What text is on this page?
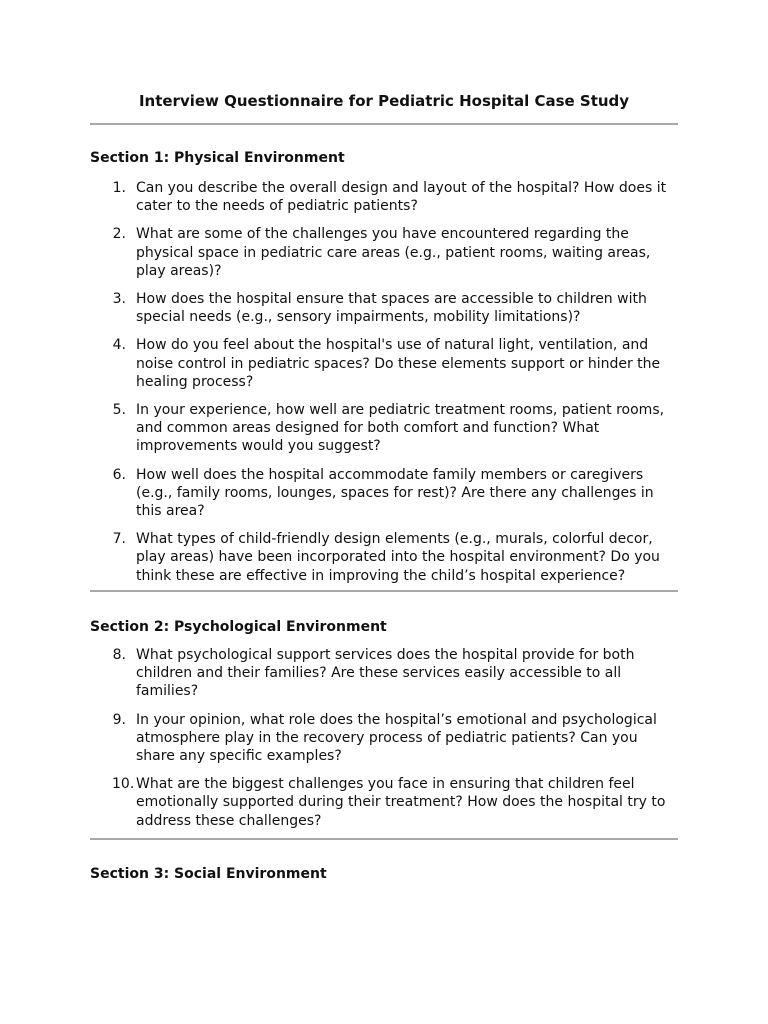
Interview Questionnaire for Pediatric Hospital Case Study
Section 1: Physical Environment
1. Can you describe the overall design and layout of the hospital? How does it cater to the needs of pediatric patients?
2. What are some of the challenges you have encountered regarding the physical space in pediatric care areas (e.g., patient rooms, waiting areas, play areas)?
3. How does the hospital ensure that spaces are accessible to children with special needs (e.g., sensory impairments, mobility limitations)?
4. How do you feel about the hospital's use of natural light, ventilation, and noise control in pediatric spaces? Do these elements support or hinder the healing process?
5. In your experience, how well are pediatric treatment rooms, patient rooms, and common areas designed for both comfort and function? What improvements would you suggest?
6. How well does the hospital accommodate family members or caregivers (e.g., family rooms, lounges, spaces for rest)? Are there any challenges in this area?
7. What types of child-friendly design elements (e.g., murals, colorful decor, play areas) have been incorporated into the hospital environment? Do you think these are effective in improving the child’s hospital experience?
Section 2: Psychological Environment
8. What psychological support services does the hospital provide for both children and their families? Are these services easily accessible to all families?
9. In your opinion, what role does the hospital’s emotional and psychological atmosphere play in the recovery process of pediatric patients? Can you share any specific examples?
10. What are the biggest challenges you face in ensuring that children feel emotionally supported during their treatment? How does the hospital try to address these challenges?
Section 3: Social Environment
